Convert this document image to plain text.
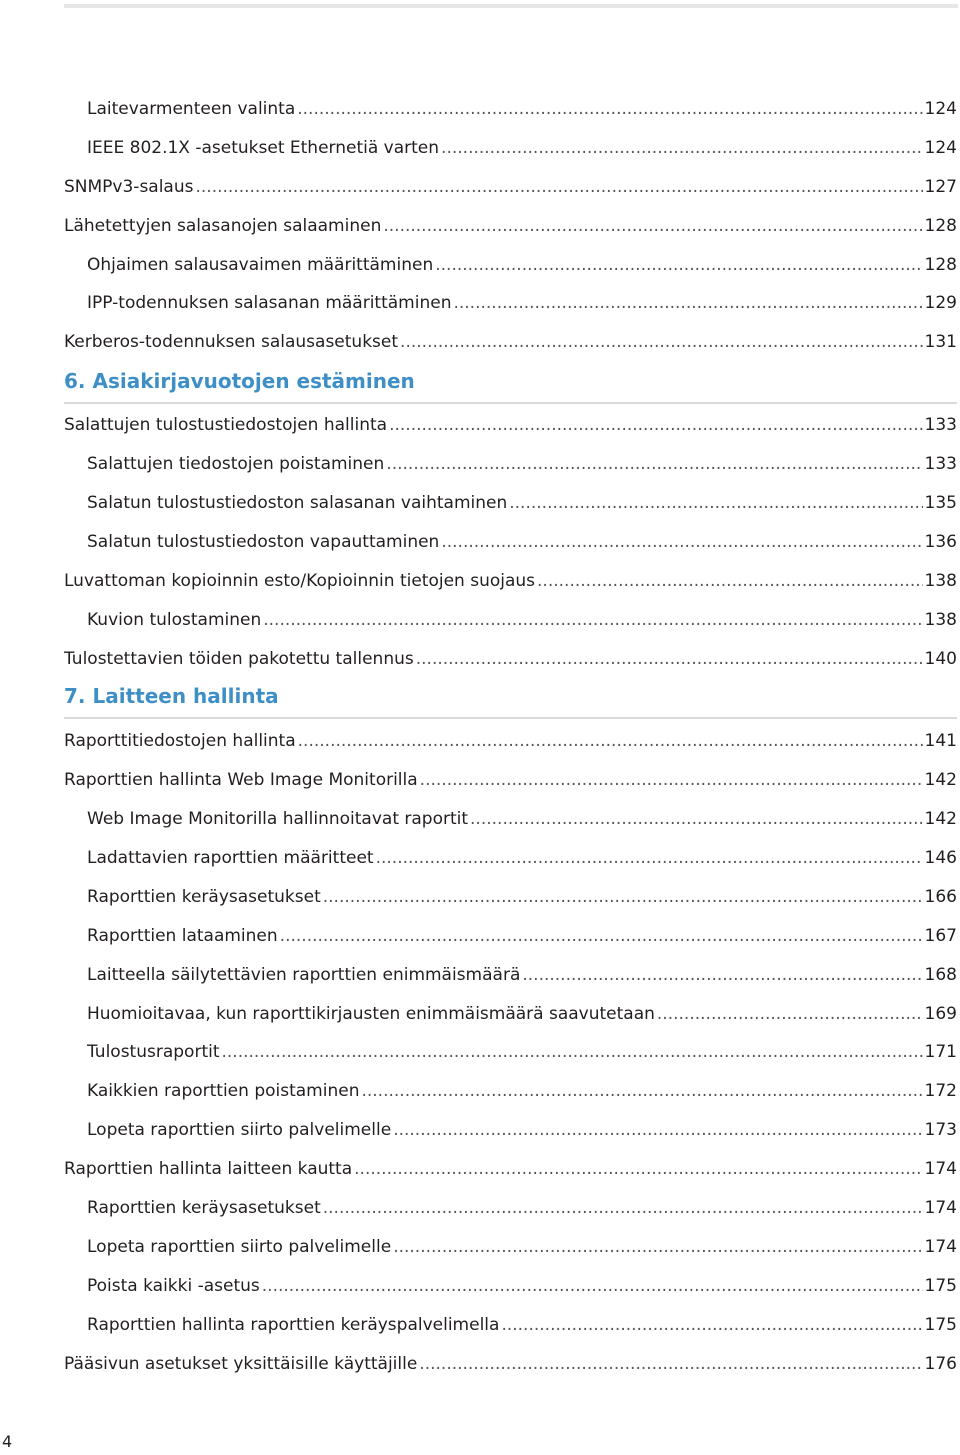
Laitevarmenteen valinta .....	124
IEEE 802.1X -asetukset Ethernetiä varten .....	124
SNMPv3-salaus .....	127
Lähetettyjen salasanojen salaaminen .....	128
Ohjaimen salausavaimen määrittäminen .....	128
IPP-todennuksen salasanan määrittäminen .....	129
Kerberos-todennuksen salausasetukset .....	131
6. Asiakirjavuotojen estäminen
Salattujen tulostustiedostojen hallinta .....	133
Salattujen tiedostojen poistaminen .....	133
Salatun tulostustiedoston salasanan vaihtaminen .....	135
Salatun tulostustiedoston vapauttaminen .....	136
Luvattoman kopioinnin esto/Kopioinnin tietojen suojaus .....	138
Kuvion tulostaminen .....	138
Tulostettavien töiden pakotettu tallennus .....	140
7. Laitteen hallinta
Raporttitiedostojen hallinta .....	141
Raporttien hallinta Web Image Monitorilla .....	142
Web Image Monitorilla hallinnoitavat raportit .....	142
Ladattavien raporttien määritteet .....	146
Raporttien keräysasetukset .....	166
Raporttien lataaminen .....	167
Laitteella säilytettävien raporttien enimmäismäärä .....	168
Huomioitavaa, kun raporttikirjausten enimmäismäärä saavutetaan .....	169
Tulostusraportit .....	171
Kaikkien raporttien poistaminen .....	172
Lopeta raporttien siirto palvelimelle .....	173
Raporttien hallinta laitteen kautta .....	174
Raporttien keräysasetukset .....	174
Lopeta raporttien siirto palvelimelle .....	174
Poista kaikki -asetus .....	175
Raporttien hallinta raporttien keräyspalvelimella .....	175
Pääsivun asetukset yksittäisille käyttäjille .....	176
4
